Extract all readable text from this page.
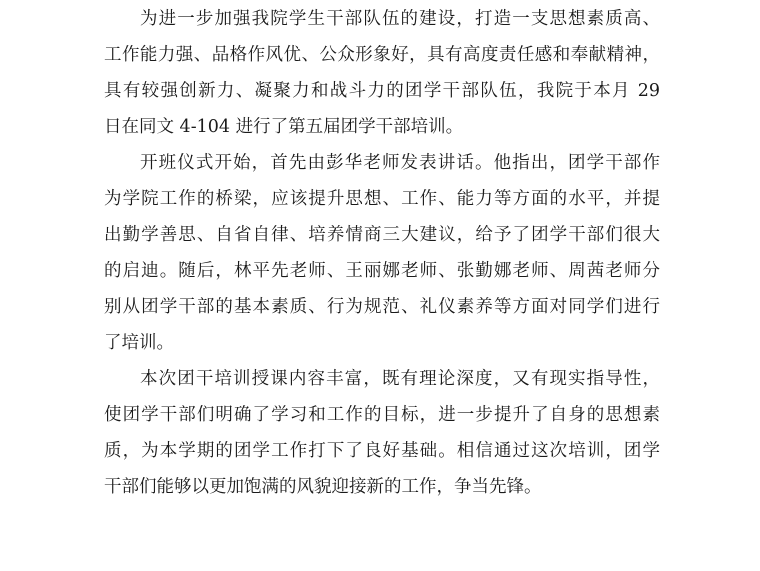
为进一步加强我院学生干部队伍的建设，打造一支思想素质高、
工作能力强、品格作风优、公众形象好，具有高度责任感和奉献精神，
具有较强创新力、凝聚力和战斗力的团学干部队伍，我院于本月 29
日在同文 4-104 进行了第五届团学干部培训。
开班仪式开始，首先由彭华老师发表讲话。他指出，团学干部作
为学院工作的桥梁，应该提升思想、工作、能力等方面的水平，并提
出勤学善思、自省自律、培养情商三大建议，给予了团学干部们很大
的启迪。随后，林平先老师、王丽娜老师、张勤娜老师、周茜老师分
别从团学干部的基本素质、行为规范、礼仪素养等方面对同学们进行
了培训。
本次团干培训授课内容丰富，既有理论深度，又有现实指导性，
使团学干部们明确了学习和工作的目标，进一步提升了自身的思想素
质，为本学期的团学工作打下了良好基础。相信通过这次培训，团学
干部们能够以更加饱满的风貌迎接新的工作，争当先锋。
